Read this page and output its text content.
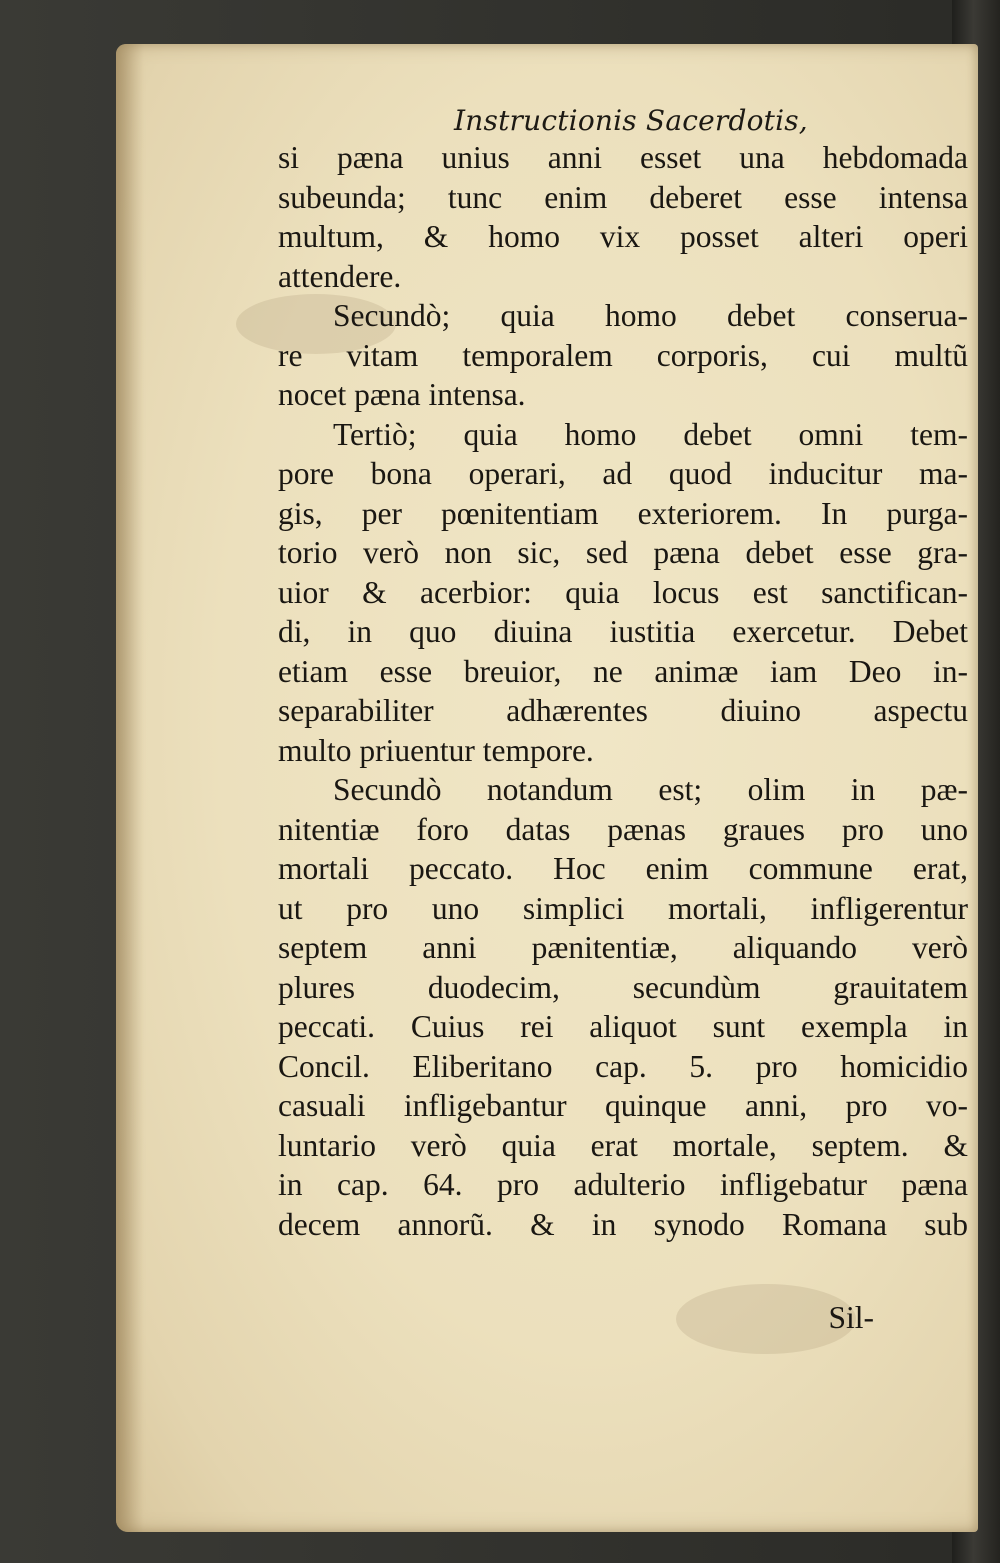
Instructionis Sacerdotis,
si pæna unius anni esset una hebdomada
subeunda; tunc enim deberet esse intensa
multum, & homo vix posset alteri operi
attendere.
Secundò; quia homo debet conserua-
re vitam temporalem corporis, cui multũ
nocet pæna intensa.
Tertiò; quia homo debet omni tem-
pore bona operari, ad quod inducitur ma-
gis, per pœnitentiam exteriorem. In purga-
torio verò non sic, sed pæna debet esse gra-
uior & acerbior: quia locus est sanctifican-
di, in quo diuina iustitia exercetur. Debet
etiam esse breuior, ne animæ iam Deo in-
separabiliter adhærentes diuino aspectu
multo priuentur tempore.
Secundò notandum est; olim in pæ-
nitentiæ foro datas pænas graues pro uno
mortali peccato. Hoc enim commune erat,
ut pro uno simplici mortali, infligerentur
septem anni pænitentiæ, aliquando verò
plures duodecim, secundùm grauitatem
peccati. Cuius rei aliquot sunt exempla in
Concil. Eliberitano cap. 5. pro homicidio
casuali infligebantur quinque anni, pro vo-
luntario verò quia erat mortale, septem. &
in cap. 64. pro adulterio infligebatur pæna
decem annorũ. & in synodo Romana sub
Sil-
